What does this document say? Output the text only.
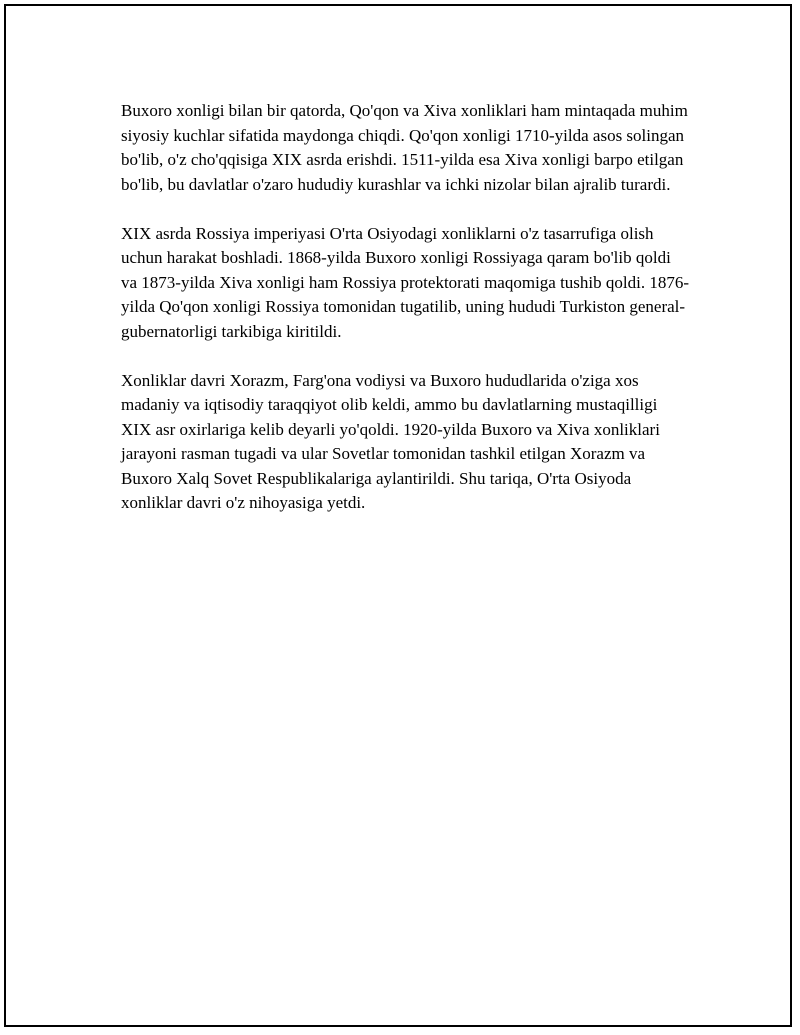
Buxoro xonligi bilan bir qatorda, Qo'qon va Xiva xonliklari ham mintaqada muhim siyosiy kuchlar sifatida maydonga chiqdi. Qo'qon xonligi 1710-yilda asos solingan bo'lib, o'z cho'qqisiga XIX asrda erishdi. 1511-yilda esa Xiva xonligi barpo etilgan bo'lib, bu davlatlar o'zaro hududiy kurashlar va ichki nizolar bilan ajralib turardi.

XIX asrda Rossiya imperiyasi O'rta Osiyodagi xonliklarni o'z tasarrufiga olish uchun harakat boshladi. 1868-yilda Buxoro xonligi Rossiyaga qaram bo'lib qoldi va 1873-yilda Xiva xonligi ham Rossiya protektorati maqomiga tushib qoldi. 1876-yilda Qo'qon xonligi Rossiya tomonidan tugatilib, uning hududi Turkiston general-gubernatorligi tarkibiga kiritildi.

Xonliklar davri Xorazm, Farg'ona vodiysi va Buxoro hududlarida o'ziga xos madaniy va iqtisodiy taraqqiyot olib keldi, ammo bu davlatlarning mustaqilligi XIX asr oxirlariga kelib deyarli yo'qoldi. 1920-yilda Buxoro va Xiva xonliklari jarayoni rasman tugadi va ular Sovetlar tomonidan tashkil etilgan Xorazm va Buxoro Xalq Sovet Respublikalariga aylantirildi. Shu tariqa, O'rta Osiyoda xonliklar davri o'z nihoyasiga yetdi.
